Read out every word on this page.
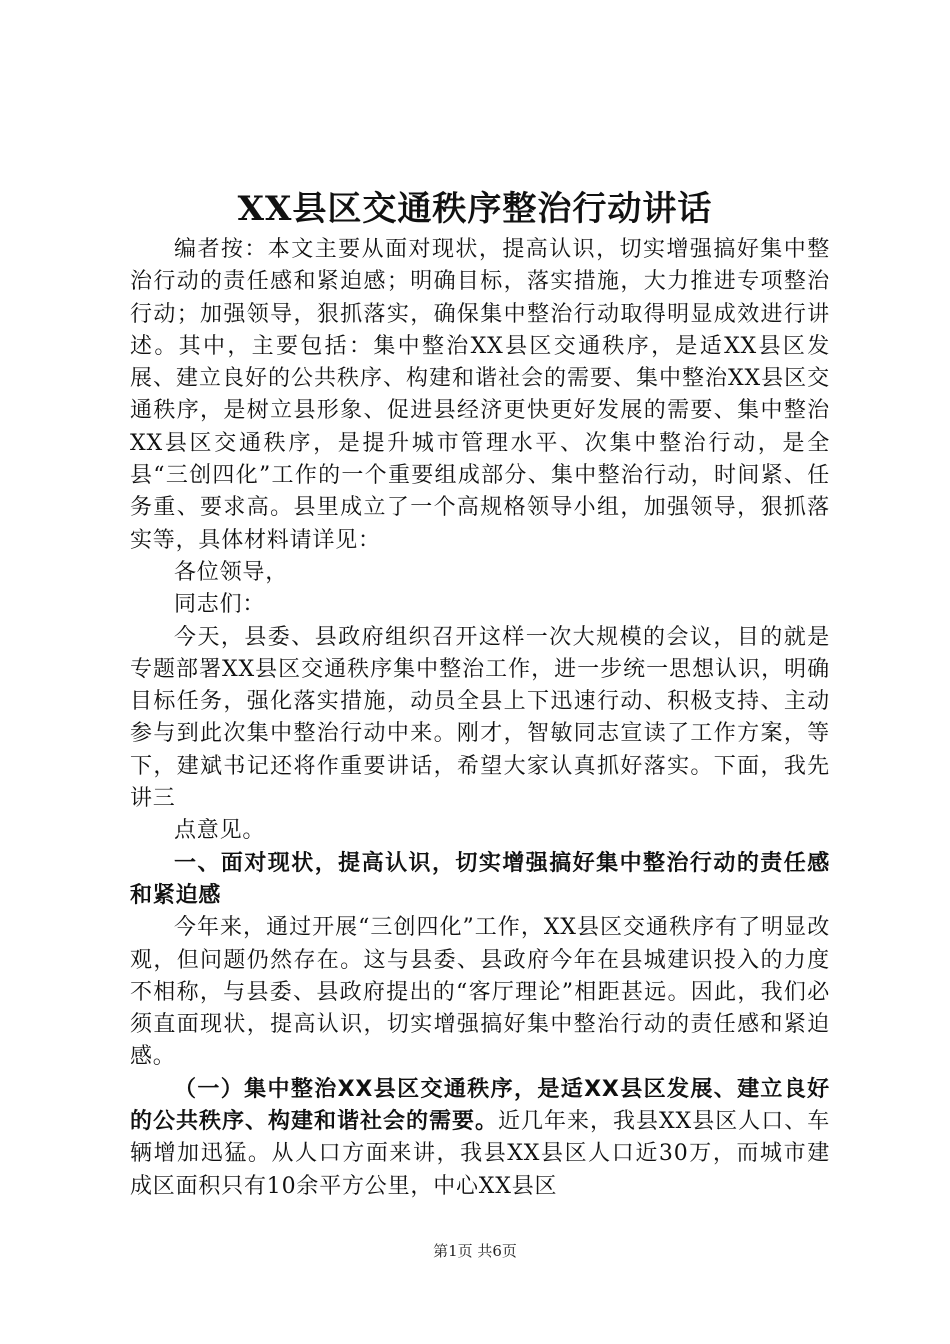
XX县区交通秩序整治行动讲话

编者按：本文主要从面对现状，提高认识，切实增强搞好集中整治行动的责任感和紧迫感；明确目标，落实措施，大力推进专项整治行动；加强领导，狠抓落实，确保集中整治行动取得明显成效进行讲述。其中，主要包括：集中整治XX县区交通秩序，是适XX县区发展、建立良好的公共秩序、构建和谐社会的需要、集中整治XX县区交通秩序，是树立县形象、促进县经济更快更好发展的需要、集中整治XX县区交通秩序，是提升城市管理水平、次集中整治行动，是全县“三创四化”工作的一个重要组成部分、集中整治行动，时间紧、任务重、要求高。县里成立了一个高规格领导小组，加强领导，狠抓落实等，具体材料请详见：

各位领导，

同志们：

今天，县委、县政府组织召开这样一次大规模的会议，目的就是专题部署XX县区交通秩序集中整治工作，进一步统一思想认识，明确目标任务，强化落实措施，动员全县上下迅速行动、积极支持、主动参与到此次集中整治行动中来。刚才，智敏同志宣读了工作方案，等下，建斌书记还将作重要讲话，希望大家认真抓好落实。下面，我先讲三

点意见。

一、面对现状，提高认识，切实增强搞好集中整治行动的责任感和紧迫感

今年来，通过开展“三创四化”工作，XX县区交通秩序有了明显改观，但问题仍然存在。这与县委、县政府今年在县城建识投入的力度不相称，与县委、县政府提出的“客厅理论”相距甚远。因此，我们必须直面现状，提高认识，切实增强搞好集中整治行动的责任感和紧迫感。

（一）集中整治XX县区交通秩序，是适XX县区发展、建立良好的公共秩序、构建和谐社会的需要。近几年来，我县XX县区人口、车辆增加迅猛。从人口方面来讲，我县XX县区人口近30万，而城市建成区面积只有10余平方公里，中心XX县区

第1页 共6页
